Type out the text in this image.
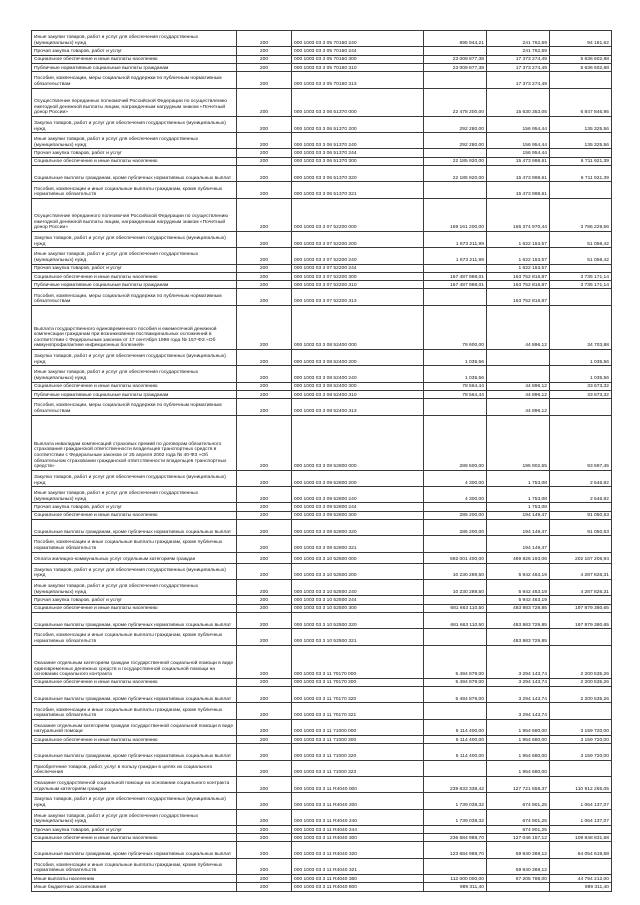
Иные закупки товаров, работ и услуг для обеспечения государственных (муниципальных) нужд	200	000 1003 03 3 05 70160 240	895 944,21	241 762,59	94 181,62
Прочая закупка товаров, работ и услуг	200	000 1003 03 3 05 70160 244		241 762,59	
Социальное обеспечение и иные выплаты населению	200	000 1003 03 3 05 70160 300	23 009 877,38	17 373 274,49	5 636 602,88
Публичные нормативные социальные выплаты гражданам	200	000 1003 03 3 05 70160 310	23 009 877,38	17 373 274,49	5 636 602,88
Пособия, компенсации, меры социальной поддержки по публичным нормативным обязательствам	200	000 1003 03 3 05 70160 313		17 373 274,49	
Осуществление переданных полномочий Российской Федерации по осуществлению ежегодной денежной выплаты лицам, награжденным нагрудным знаком «Почетный донор России»	200	000 1003 03 3 06 51370 000	22 478 200,00	15 630 353,05	6 847 846,95
Закупка товаров, работ и услуг для обеспечения государственных (муниципальных) нужд	200	000 1003 03 3 06 51370 200	292 280,00	156 954,44	135 325,56
Иные закупки товаров, работ и услуг для обеспечения государственных (муниципальных) нужд	200	000 1003 03 3 06 51370 240	292 280,00	156 954,44	135 325,56
Прочая закупка товаров, работ и услуг	200	000 1003 03 3 06 51370 244		156 954,44	
Социальное обеспечение и иные выплаты населению	200	000 1003 03 3 06 51370 300	22 185 920,00	15 473 998,61	6 711 921,39
Социальные выплаты гражданам, кроме публичных нормативных социальных выплат	200	000 1003 03 3 06 51370 320	22 185 920,00	15 473 998,61	6 711 921,39
Пособия, компенсации и иные социальные выплаты гражданам, кроме публичных нормативных обязательств	200	000 1003 03 3 06 51370 321		15 473 998,61	
Осуществление переданного полномочия Российской Федерации по осуществлению ежегодной денежной выплаты лицам, награжденным нагрудным знаком «Почетный донор России»	200	000 1003 03 3 07 52200 000	169 161 200,00	165 374 970,44	3 786 229,56
Закупка товаров, работ и услуг для обеспечения государственных (муниципальных) нужд	200	000 1003 03 3 07 52200 200	1 673 211,99	1 622 153,57	51 058,42
Иные закупки товаров, работ и услуг для обеспечения государственных (муниципальных) нужд	200	000 1003 03 3 07 52200 240	1 673 211,99	1 622 153,57	51 058,42
Прочая закупка товаров, работ и услуг	200	000 1003 03 3 07 52200 244		1 622 153,57	
Социальное обеспечение и иные выплаты населению	200	000 1003 03 3 07 52200 300	167 487 988,01	163 752 816,87	3 735 171,14
Публичные нормативные социальные выплаты гражданам	200	000 1003 03 3 07 52200 310	167 487 988,01	163 752 816,87	3 735 171,14
Пособия, компенсации, меры социальной поддержки по публичным нормативным обязательствам	200	000 1003 03 3 07 52200 313		163 752 816,87	
Выплата государственного единовременного пособия и ежемесячной денежной компенсации гражданам при возникновении поствакцинальных осложнений в соответствии с Федеральным законом от 17 сентября 1998 года № 157-ФЗ «Об иммунопрофилактике инфекционных болезней»	200	000 1003 03 3 08 52400 000	79 600,00	44 896,12	34 703,88
Закупка товаров, работ и услуг для обеспечения государственных (муниципальных) нужд	200	000 1003 03 3 08 52400 200	1 035,56		1 035,56
Иные закупки товаров, работ и услуг для обеспечения государственных (муниципальных) нужд	200	000 1003 03 3 08 52400 240	1 035,56		1 035,56
Социальное обеспечение и иные выплаты населению	200	000 1003 03 3 08 52400 300	78 564,44	44 896,12	33 673,32
Публичные нормативные социальные выплаты гражданам	200	000 1003 03 3 08 52400 310	78 564,44	44 896,12	33 673,32
Пособия, компенсации, меры социальной поддержки по публичным нормативным обязательствам	200	000 1003 03 3 08 52400 313		44 896,12	
Выплата инвалидам компенсаций страховых премий по договорам обязательного страхования гражданской ответственности владельцев транспортных средств в соответствии с Федеральным законом от 25 апреля 2002 года № 40-ФЗ «Об обязательном страховании гражданской ответственности владельцев транспортных средств»	200	000 1003 03 3 09 52800 000	289 500,00	195 902,55	93 597,45
Закупка товаров, работ и услуг для обеспечения государственных (муниципальных) нужд	200	000 1003 03 3 09 52800 200	4 300,00	1 753,08	2 546,92
Иные закупки товаров, работ и услуг для обеспечения государственных (муниципальных) нужд	200	000 1003 03 3 09 52800 240	4 300,00	1 753,08	2 546,92
Прочая закупка товаров, работ и услуг	200	000 1003 03 3 09 52800 244		1 753,08	
Социальное обеспечение и иные выплаты населению	200	000 1003 03 3 09 52800 300	285 200,00	194 149,47	91 050,53
Социальные выплаты гражданам, кроме публичных нормативных социальных выплат	200	000 1003 03 3 09 52800 320	285 200,00	194 149,47	91 050,53
Пособия, компенсации и иные социальные выплаты гражданам, кроме публичных нормативных обязательств	200	000 1003 03 3 09 52800 321		194 149,47	
Оплата жилищно-коммунальных услуг отдельным категориям граждан	200	000 1003 03 3 10 52500 000	692 001 400,00	489 826 193,06	202 167 206,94
Закупка товаров, работ и услуг для обеспечения государственных (муниципальных) нужд	200	000 1003 03 3 10 52500 200	10 230 289,50	5 942 463,19	4 287 826,31
Иные закупки товаров, работ и услуг для обеспечения государственных (муниципальных) нужд	200	000 1003 03 3 10 52500 240	10 230 289,50	5 942 463,19	4 287 826,31
Прочая закупка товаров, работ и услуг	200	000 1003 03 3 10 52500 244		5 942 463,19	
Социальное обеспечение и иные выплаты населению	200	000 1003 03 3 10 52500 300	681 663 110,50	483 983 729,85	197 879 380,65
Социальные выплаты гражданам, кроме публичных нормативных социальных выплат	200	000 1003 03 3 10 52500 320	681 663 110,50	483 983 729,85	197 879 380,65
Пособия, компенсации и иные социальные выплаты гражданам, кроме публичных нормативных обязательств	200	000 1003 03 3 10 52500 321		483 983 729,85	
Оказание отдельным категориям граждан государственной социальной помощи в виде единовременных денежных средств и государственной социальной помощи на основании социального контракта	200	000 1003 03 3 11 70170 000	5 494 879,00	3 294 143,74	2 200 535,26
Социальное обеспечение и иные выплаты населению	200	000 1003 03 3 11 70170 300	5 494 879,00	3 294 143,74	2 200 535,26
Социальные выплаты гражданам, кроме публичных нормативных социальных выплат	200	000 1003 03 3 11 70170 320	5 494 879,00	3 294 143,74	2 200 535,26
Пособия, компенсации и иные социальные выплаты гражданам, кроме публичных нормативных обязательств	200	000 1003 03 3 11 70170 321		3 294 143,74	
Оказание отдельным категориям граждан государственной социальной помощи в виде натуральной помощи	200	000 1003 03 3 11 71000 000	5 114 400,00	1 954 680,00	3 159 720,00
Социальное обеспечение и иные выплаты населению	200	000 1003 03 3 11 71000 300	5 114 400,00	1 954 680,00	3 159 720,00
Социальные выплаты гражданам, кроме публичных нормативных социальных выплат	200	000 1003 03 3 11 71000 320	5 114 400,00	1 954 680,00	3 159 720,00
Приобретение товаров, работ, услуг в пользу граждан в целях их социального обеспечения	200	000 1003 03 3 11 71000 323		1 954 680,00	
Оказание государственной социальной помощи на основании социального контракта отдельным категориям граждан	200	000 1003 03 3 11 R4040 000	239 633 338,42	127 721 658,37	110 912 265,05
Закупка товаров, работ и услуг для обеспечения государственных (муниципальных) нужд	200	000 1003 03 3 11 R4040 200	1 739 038,32	674 901,25	1 064 137,07
Иные закупки товаров, работ и услуг для обеспечения государственных (муниципальных) нужд	200	000 1003 03 3 11 R4040 240	1 739 038,32	674 901,25	1 064 137,07
Прочая закупка товаров, работ и услуг	200	000 1003 03 3 11 R4040 244		674 901,25	
Социальное обеспечение и иные выплаты населению	200	000 1003 03 3 11 R4040 300	236 684 988,70	127 046 157,12	109 848 831,58
Социальные выплаты гражданам, кроме публичных нормативных социальных выплат	200	000 1003 03 3 11 R4040 320	123 684 988,70	59 840 369,12	64 054 619,58
Пособия, компенсации и иные социальные выплаты гражданам, кроме публичных нормативных обязательств	200	000 1003 03 3 11 R4040 321		59 840 369,12	
Иные выплаты населению	200	000 1003 03 3 11 R4040 360	112 000 000,00	67 205 788,00	44 794 212,00
Иные бюджетные ассигнования	200	000 1003 03 3 11 R4040 800	989 311,40		989 311,40
